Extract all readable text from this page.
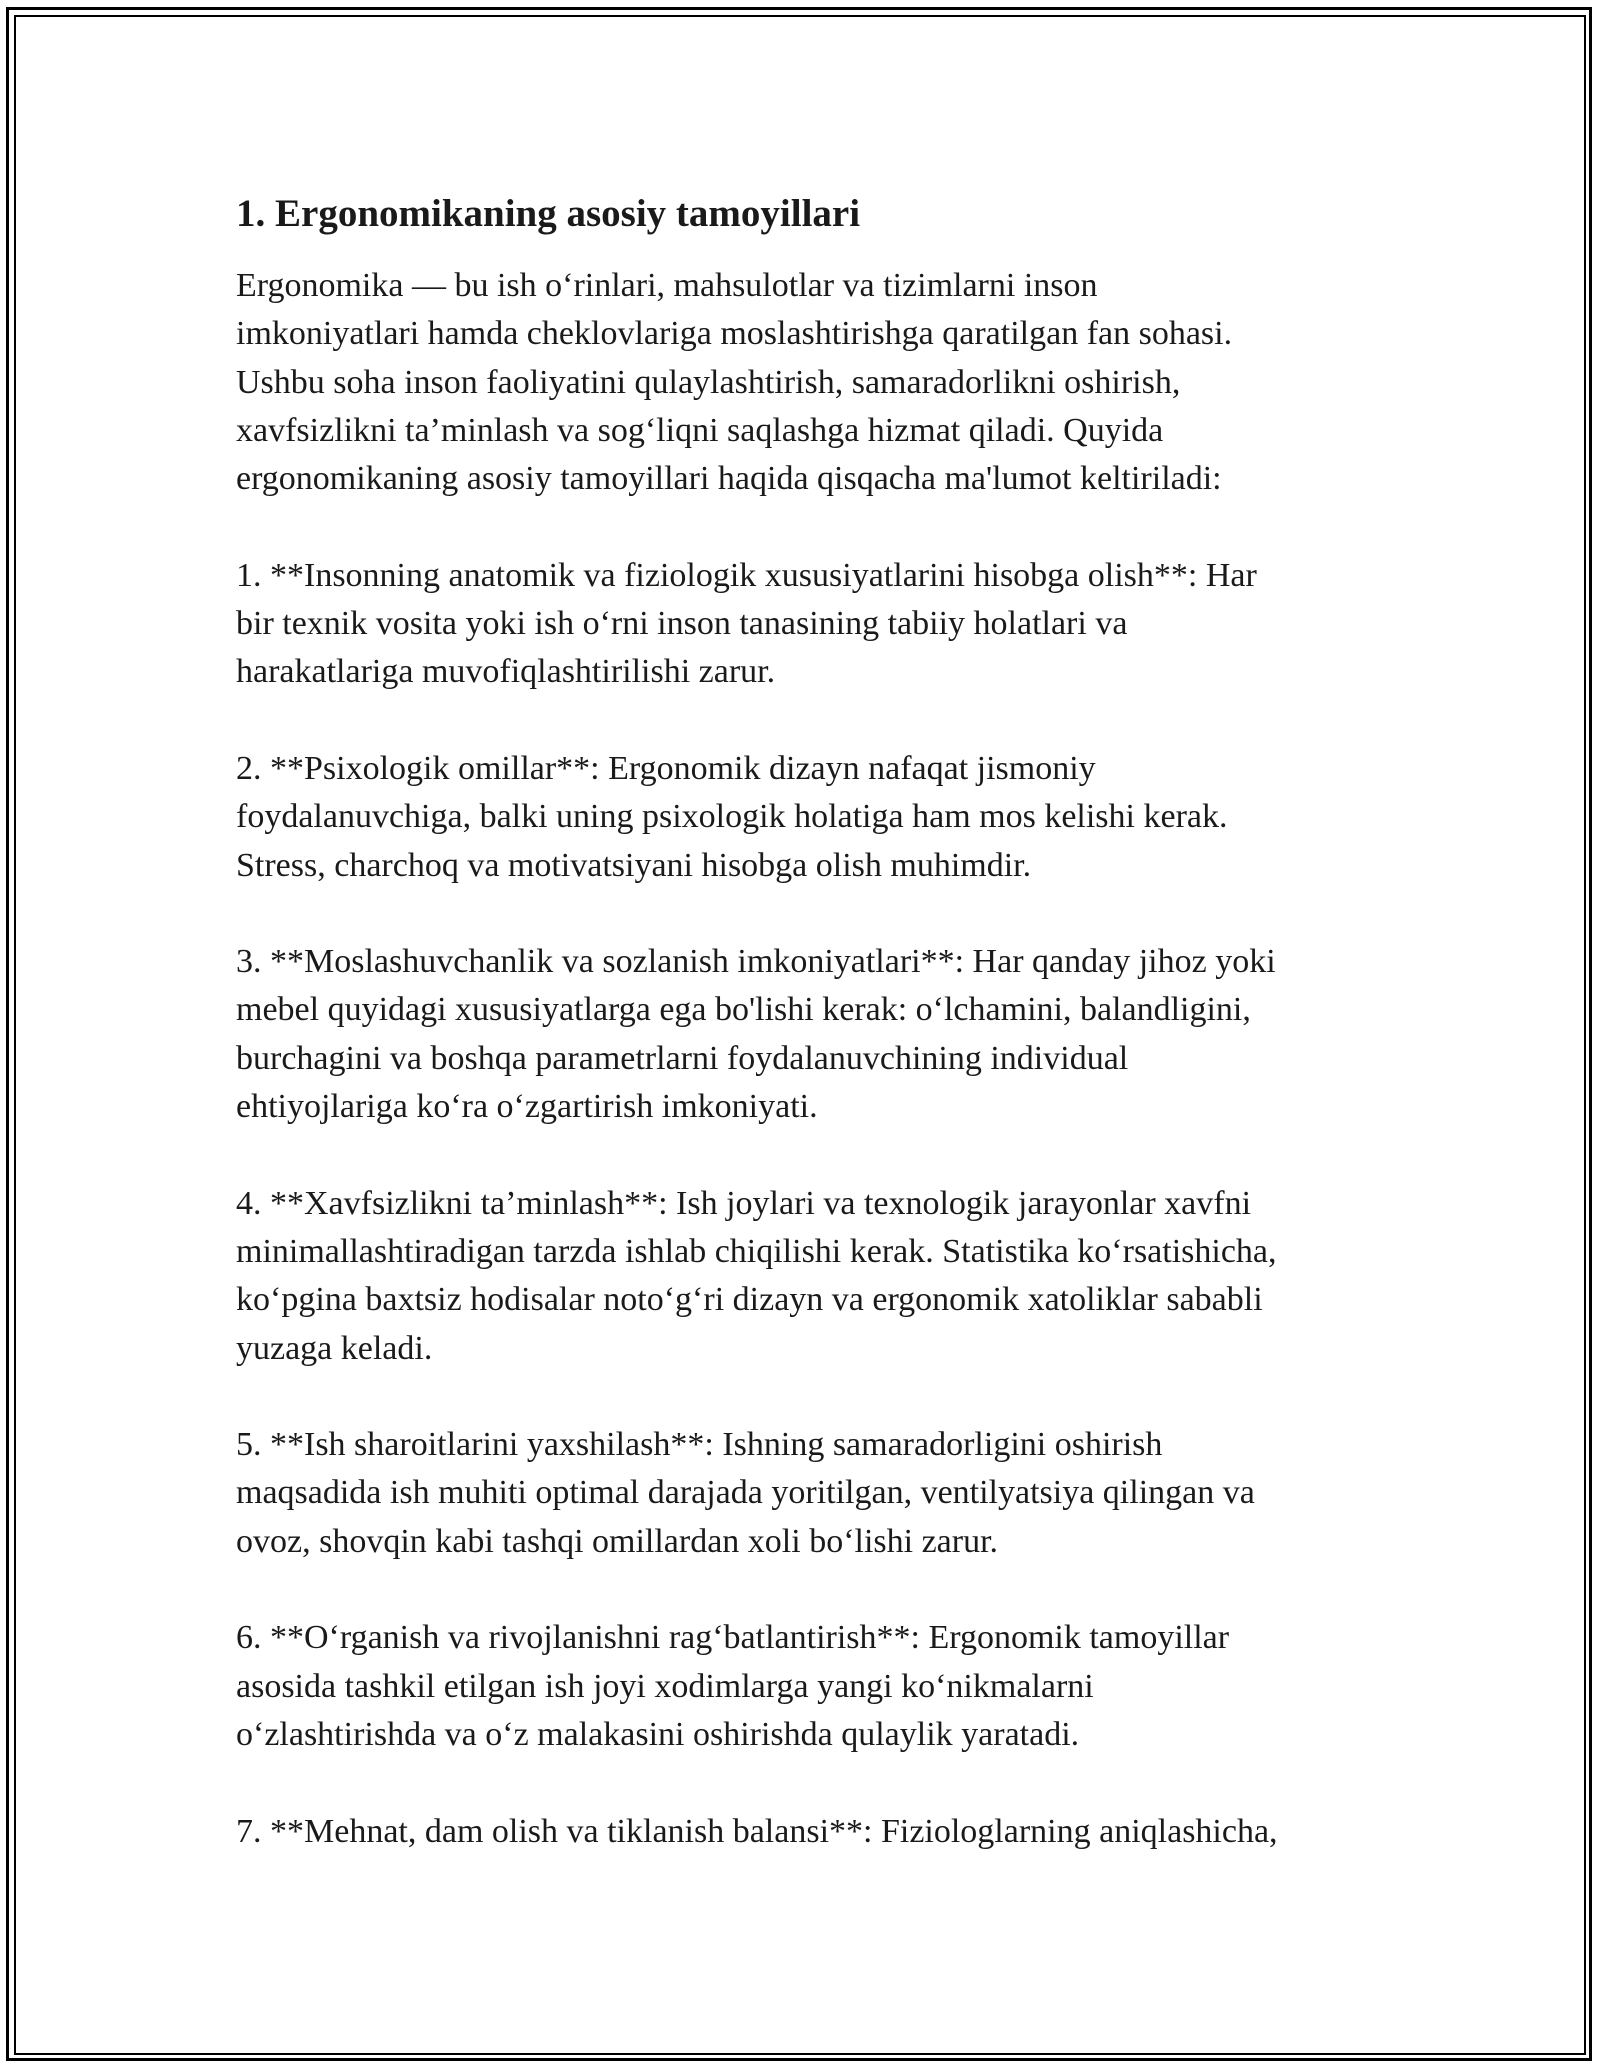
1. Ergonomikaning asosiy tamoyillari

Ergonomika — bu ish o‘rinlari, mahsulotlar va tizimlarni inson
imkoniyatlari hamda cheklovlariga moslashtirishga qaratilgan fan sohasi.
Ushbu soha inson faoliyatini qulaylashtirish, samaradorlikni oshirish,
xavfsizlikni ta’minlash va sog‘liqni saqlashga hizmat qiladi. Quyida
ergonomikaning asosiy tamoyillari haqida qisqacha ma'lumot keltiriladi:

1. **Insonning anatomik va fiziologik xususiyatlarini hisobga olish**: Har
bir texnik vosita yoki ish o‘rni inson tanasining tabiiy holatlari va
harakatlariga muvofiqlashtirilishi zarur.

2. **Psixologik omillar**: Ergonomik dizayn nafaqat jismoniy
foydalanuvchiga, balki uning psixologik holatiga ham mos kelishi kerak.
Stress, charchoq va motivatsiyani hisobga olish muhimdir.

3. **Moslashuvchanlik va sozlanish imkoniyatlari**: Har qanday jihoz yoki
mebel quyidagi xususiyatlarga ega bo'lishi kerak: o‘lchamini, balandligini,
burchagini va boshqa parametrlarni foydalanuvchining individual
ehtiyojlariga ko‘ra o‘zgartirish imkoniyati.

4. **Xavfsizlikni ta’minlash**: Ish joylari va texnologik jarayonlar xavfni
minimallashtiradigan tarzda ishlab chiqilishi kerak. Statistika ko‘rsatishicha,
ko‘pgina baxtsiz hodisalar noto‘g‘ri dizayn va ergonomik xatoliklar sababli
yuzaga keladi.

5. **Ish sharoitlarini yaxshilash**: Ishning samaradorligini oshirish
maqsadida ish muhiti optimal darajada yoritilgan, ventilyatsiya qilingan va
ovoz, shovqin kabi tashqi omillardan xoli bo‘lishi zarur.

6. **O‘rganish va rivojlanishni rag‘batlantirish**: Ergonomik tamoyillar
asosida tashkil etilgan ish joyi xodimlarga yangi ko‘nikmalarni
o‘zlashtirishda va o‘z malakasini oshirishda qulaylik yaratadi.

7. **Mehnat, dam olish va tiklanish balansi**: Fiziologlarning aniqlashicha,
